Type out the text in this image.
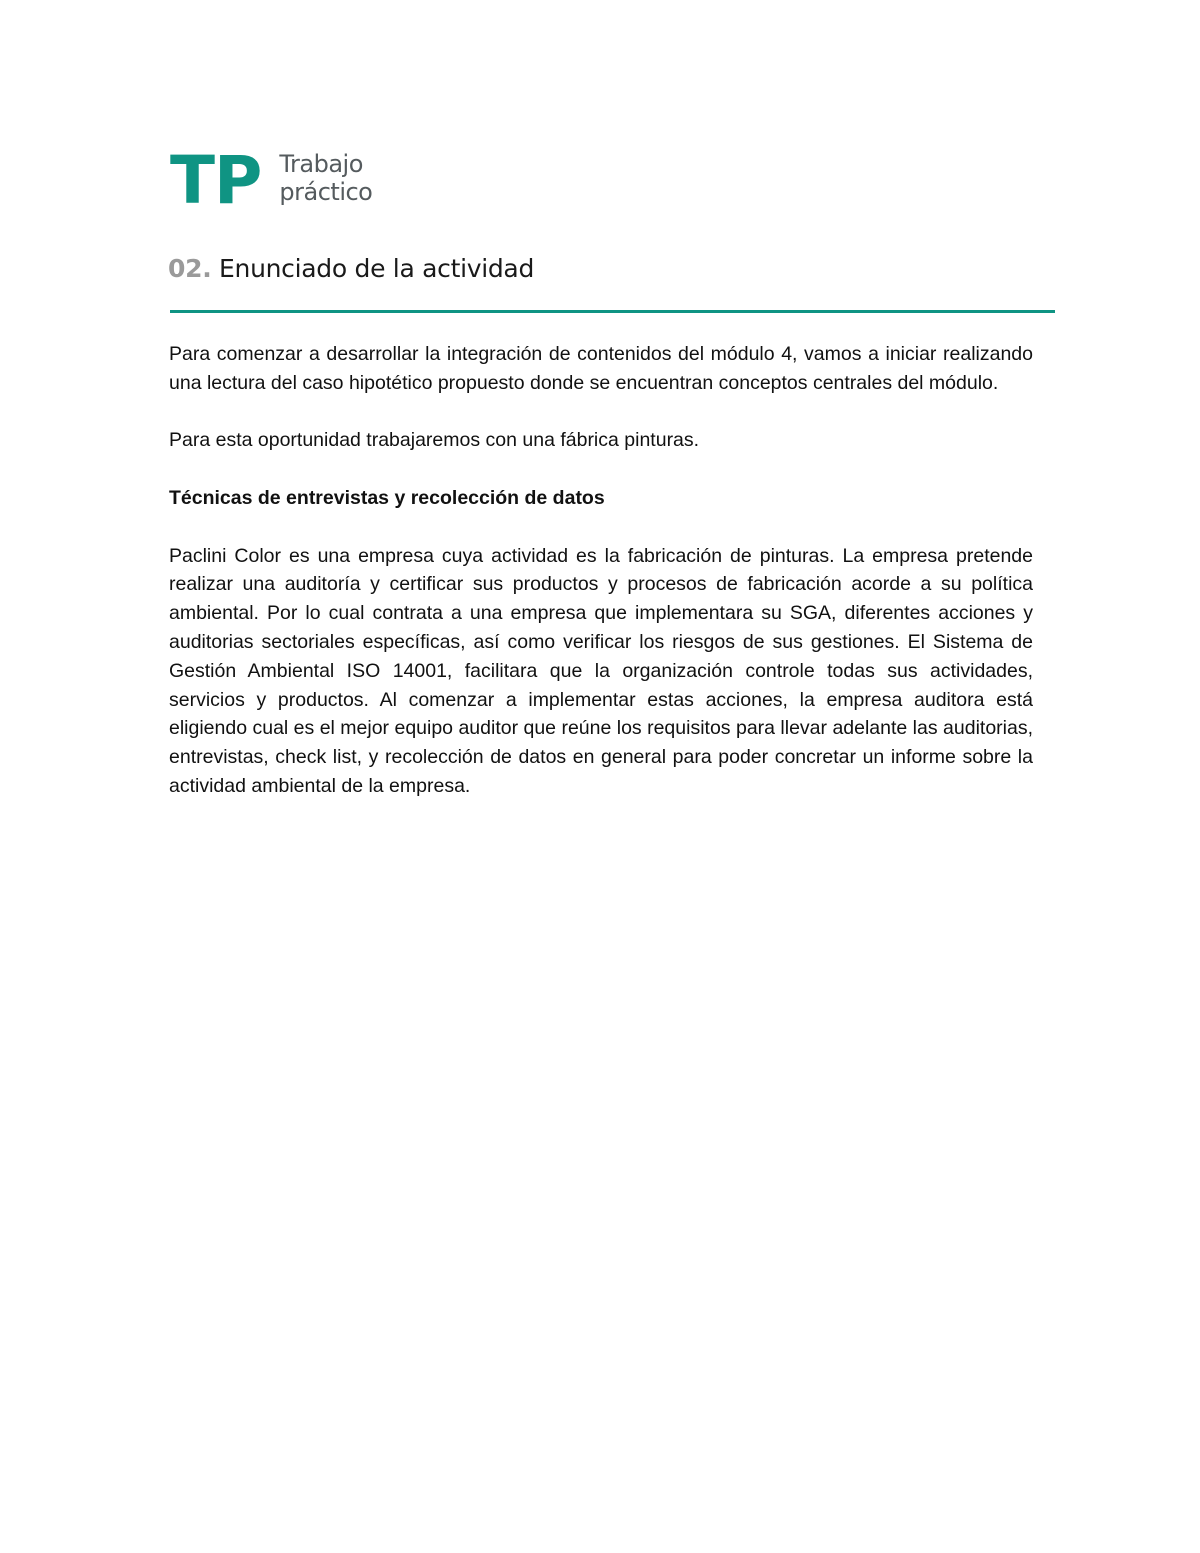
TP Trabajo
práctico
02. Enunciado de la actividad

Para comenzar a desarrollar la integración de contenidos del módulo 4, vamos a iniciar realizando una lectura del caso hipotético propuesto donde se encuentran conceptos centrales del módulo.

Para esta oportunidad trabajaremos con una fábrica pinturas.

Técnicas de entrevistas y recolección de datos

Paclini Color es una empresa cuya actividad es la fabricación de pinturas. La empresa pretende realizar una auditoría y certificar sus productos y procesos de fabricación acorde a su política ambiental. Por lo cual contrata a una empresa que implementara su SGA, diferentes acciones y auditorias sectoriales específicas, así como verificar los riesgos de sus gestiones. El Sistema de Gestión Ambiental ISO 14001, facilitara que la organización controle todas sus actividades, servicios y productos. Al comenzar a implementar estas acciones, la empresa auditora está eligiendo cual es el mejor equipo auditor que reúne los requisitos para llevar adelante las auditorias, entrevistas, check list, y recolección de datos en general para poder concretar un informe sobre la actividad ambiental de la empresa.
